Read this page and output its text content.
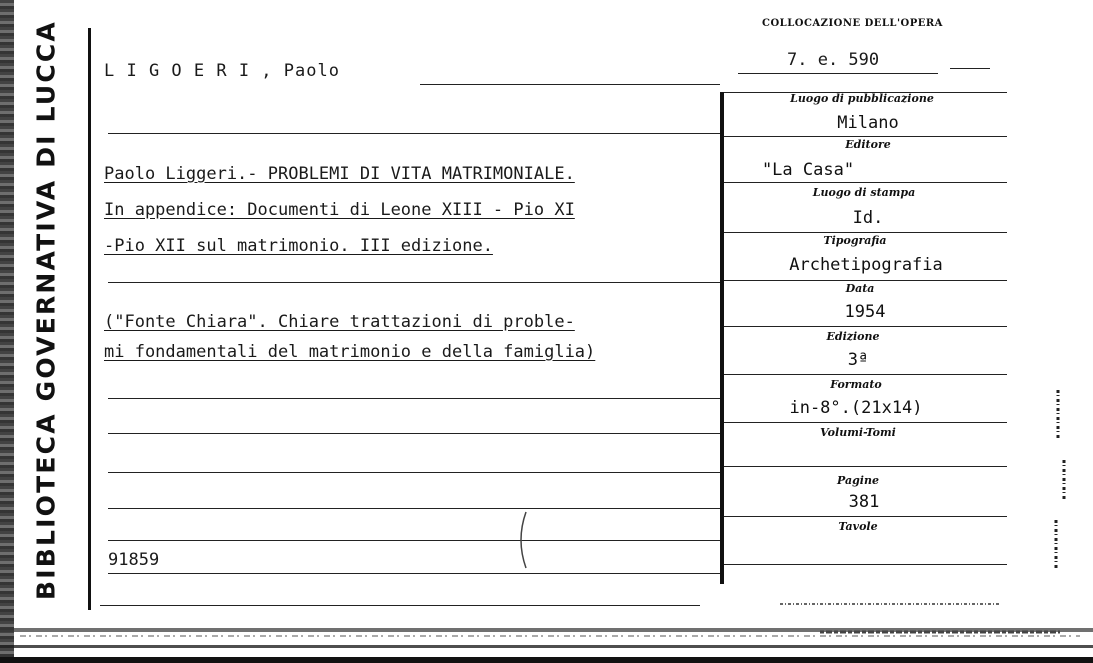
BIBLIOTECA GOVERNATIVA DI LUCCA	COLLOCAZIONE DELL'OPERA
7. e. 590
L I G O E R I , Paolo
Paolo Liggeri.- PROBLEMI DI VITA MATRIMONIALE.
In appendice: Documenti di Leone XIII - Pio XI
-Pio XII sul matrimonio. III edizione.
("Fonte Chiara". Chiare trattazioni di proble-
mi fondamentali del matrimonio e della famiglia)
91859
Luogo di pubblicazione
Milano
Editore
"La Casa"
Luogo di stampa
Id.
Tipografia
Archetipografia
Data
1954
Edizione
3ª
Formato
in-8°.(21x14)
Volumi-Tomi
Pagine
381
Tavole
